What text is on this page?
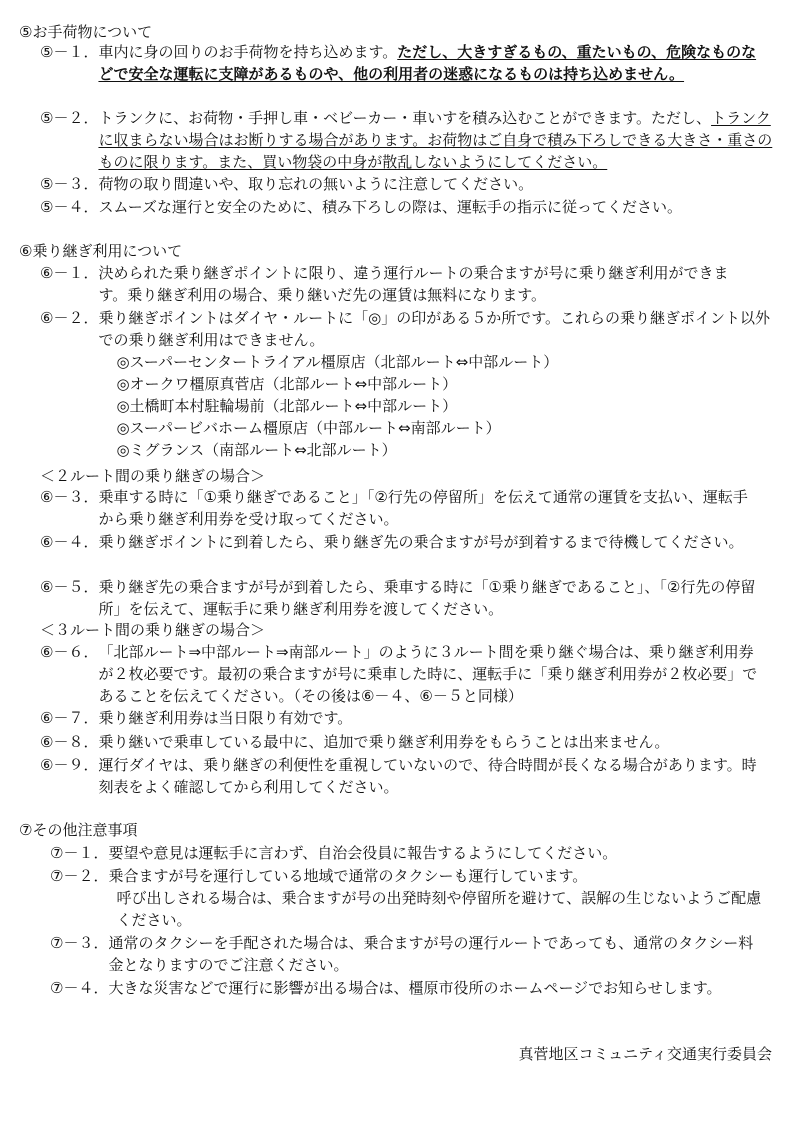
⑤お手荷物について
⑤－１． 車内に身の回りのお手荷物を持ち込めます。ただし、大きすぎるもの、重たいもの、危険なものなどで安全な運転に支障があるものや、他の利用者の迷惑になるものは持ち込めません。
⑤－２． トランクに、お荷物・手押し車・ベビーカー・車いすを積み込むことができます。ただし、トランクに収まらない場合はお断りする場合があります。お荷物はご自身で積み下ろしできる大きさ・重さのものに限ります。また、買い物袋の中身が散乱しないようにしてください。
⑤－３． 荷物の取り間違いや、取り忘れの無いように注意してください。
⑤－４． スムーズな運行と安全のために、積み下ろしの際は、運転手の指示に従ってください。
⑥乗り継ぎ利用について
⑥－１． 決められた乗り継ぎポイントに限り、違う運行ルートの乗合ますが号に乗り継ぎ利用ができます。乗り継ぎ利用の場合、乗り継いだ先の運賃は無料になります。
⑥－２． 乗り継ぎポイントはダイヤ・ルートに「◎」の印がある５か所です。これらの乗り継ぎポイント以外での乗り継ぎ利用はできません。
◎スーパーセンタートライアル橿原店（北部ルート⇔中部ルート）
◎オークワ橿原真菅店（北部ルート⇔中部ルート）
◎土橋町本村駐輪場前（北部ルート⇔中部ルート）
◎スーパービバホーム橿原店（中部ルート⇔南部ルート）
◎ミグランス（南部ルート⇔北部ルート）
＜２ルート間の乗り継ぎの場合＞
⑥－３． 乗車する時に「①乗り継ぎであること」「②行先の停留所」を伝えて通常の運賃を支払い、運転手から乗り継ぎ利用券を受け取ってください。
⑥－４． 乗り継ぎポイントに到着したら、乗り継ぎ先の乗合ますが号が到着するまで待機してください。
⑥－５． 乗り継ぎ先の乗合ますが号が到着したら、乗車する時に「①乗り継ぎであること」、「②行先の停留所」を伝えて、運転手に乗り継ぎ利用券を渡してください。
＜３ルート間の乗り継ぎの場合＞
⑥－６． 「北部ルート⇒中部ルート⇒南部ルート」のように３ルート間を乗り継ぐ場合は、乗り継ぎ利用券が２枚必要です。最初の乗合ますが号に乗車した時に、運転手に「乗り継ぎ利用券が２枚必要」であることを伝えてください。（その後は⑥－４、⑥－５と同様）
⑥－７． 乗り継ぎ利用券は当日限り有効です。
⑥－８． 乗り継いで乗車している最中に、追加で乗り継ぎ利用券をもらうことは出来ません。
⑥－９． 運行ダイヤは、乗り継ぎの利便性を重視していないので、待合時間が長くなる場合があります。時刻表をよく確認してから利用してください。
⑦その他注意事項
⑦－１． 要望や意見は運転手に言わず、自治会役員に報告するようにしてください。
⑦－２． 乗合ますが号を運行している地域で通常のタクシーも運行しています。
呼び出しされる場合は、乗合ますが号の出発時刻や停留所を避けて、誤解の生じないようご配慮ください。
⑦－３． 通常のタクシーを手配された場合は、乗合ますが号の運行ルートであっても、通常のタクシー料金となりますのでご注意ください。
⑦－４． 大きな災害などで運行に影響が出る場合は、橿原市役所のホームページでお知らせします。
真菅地区コミュニティ交通実行委員会
